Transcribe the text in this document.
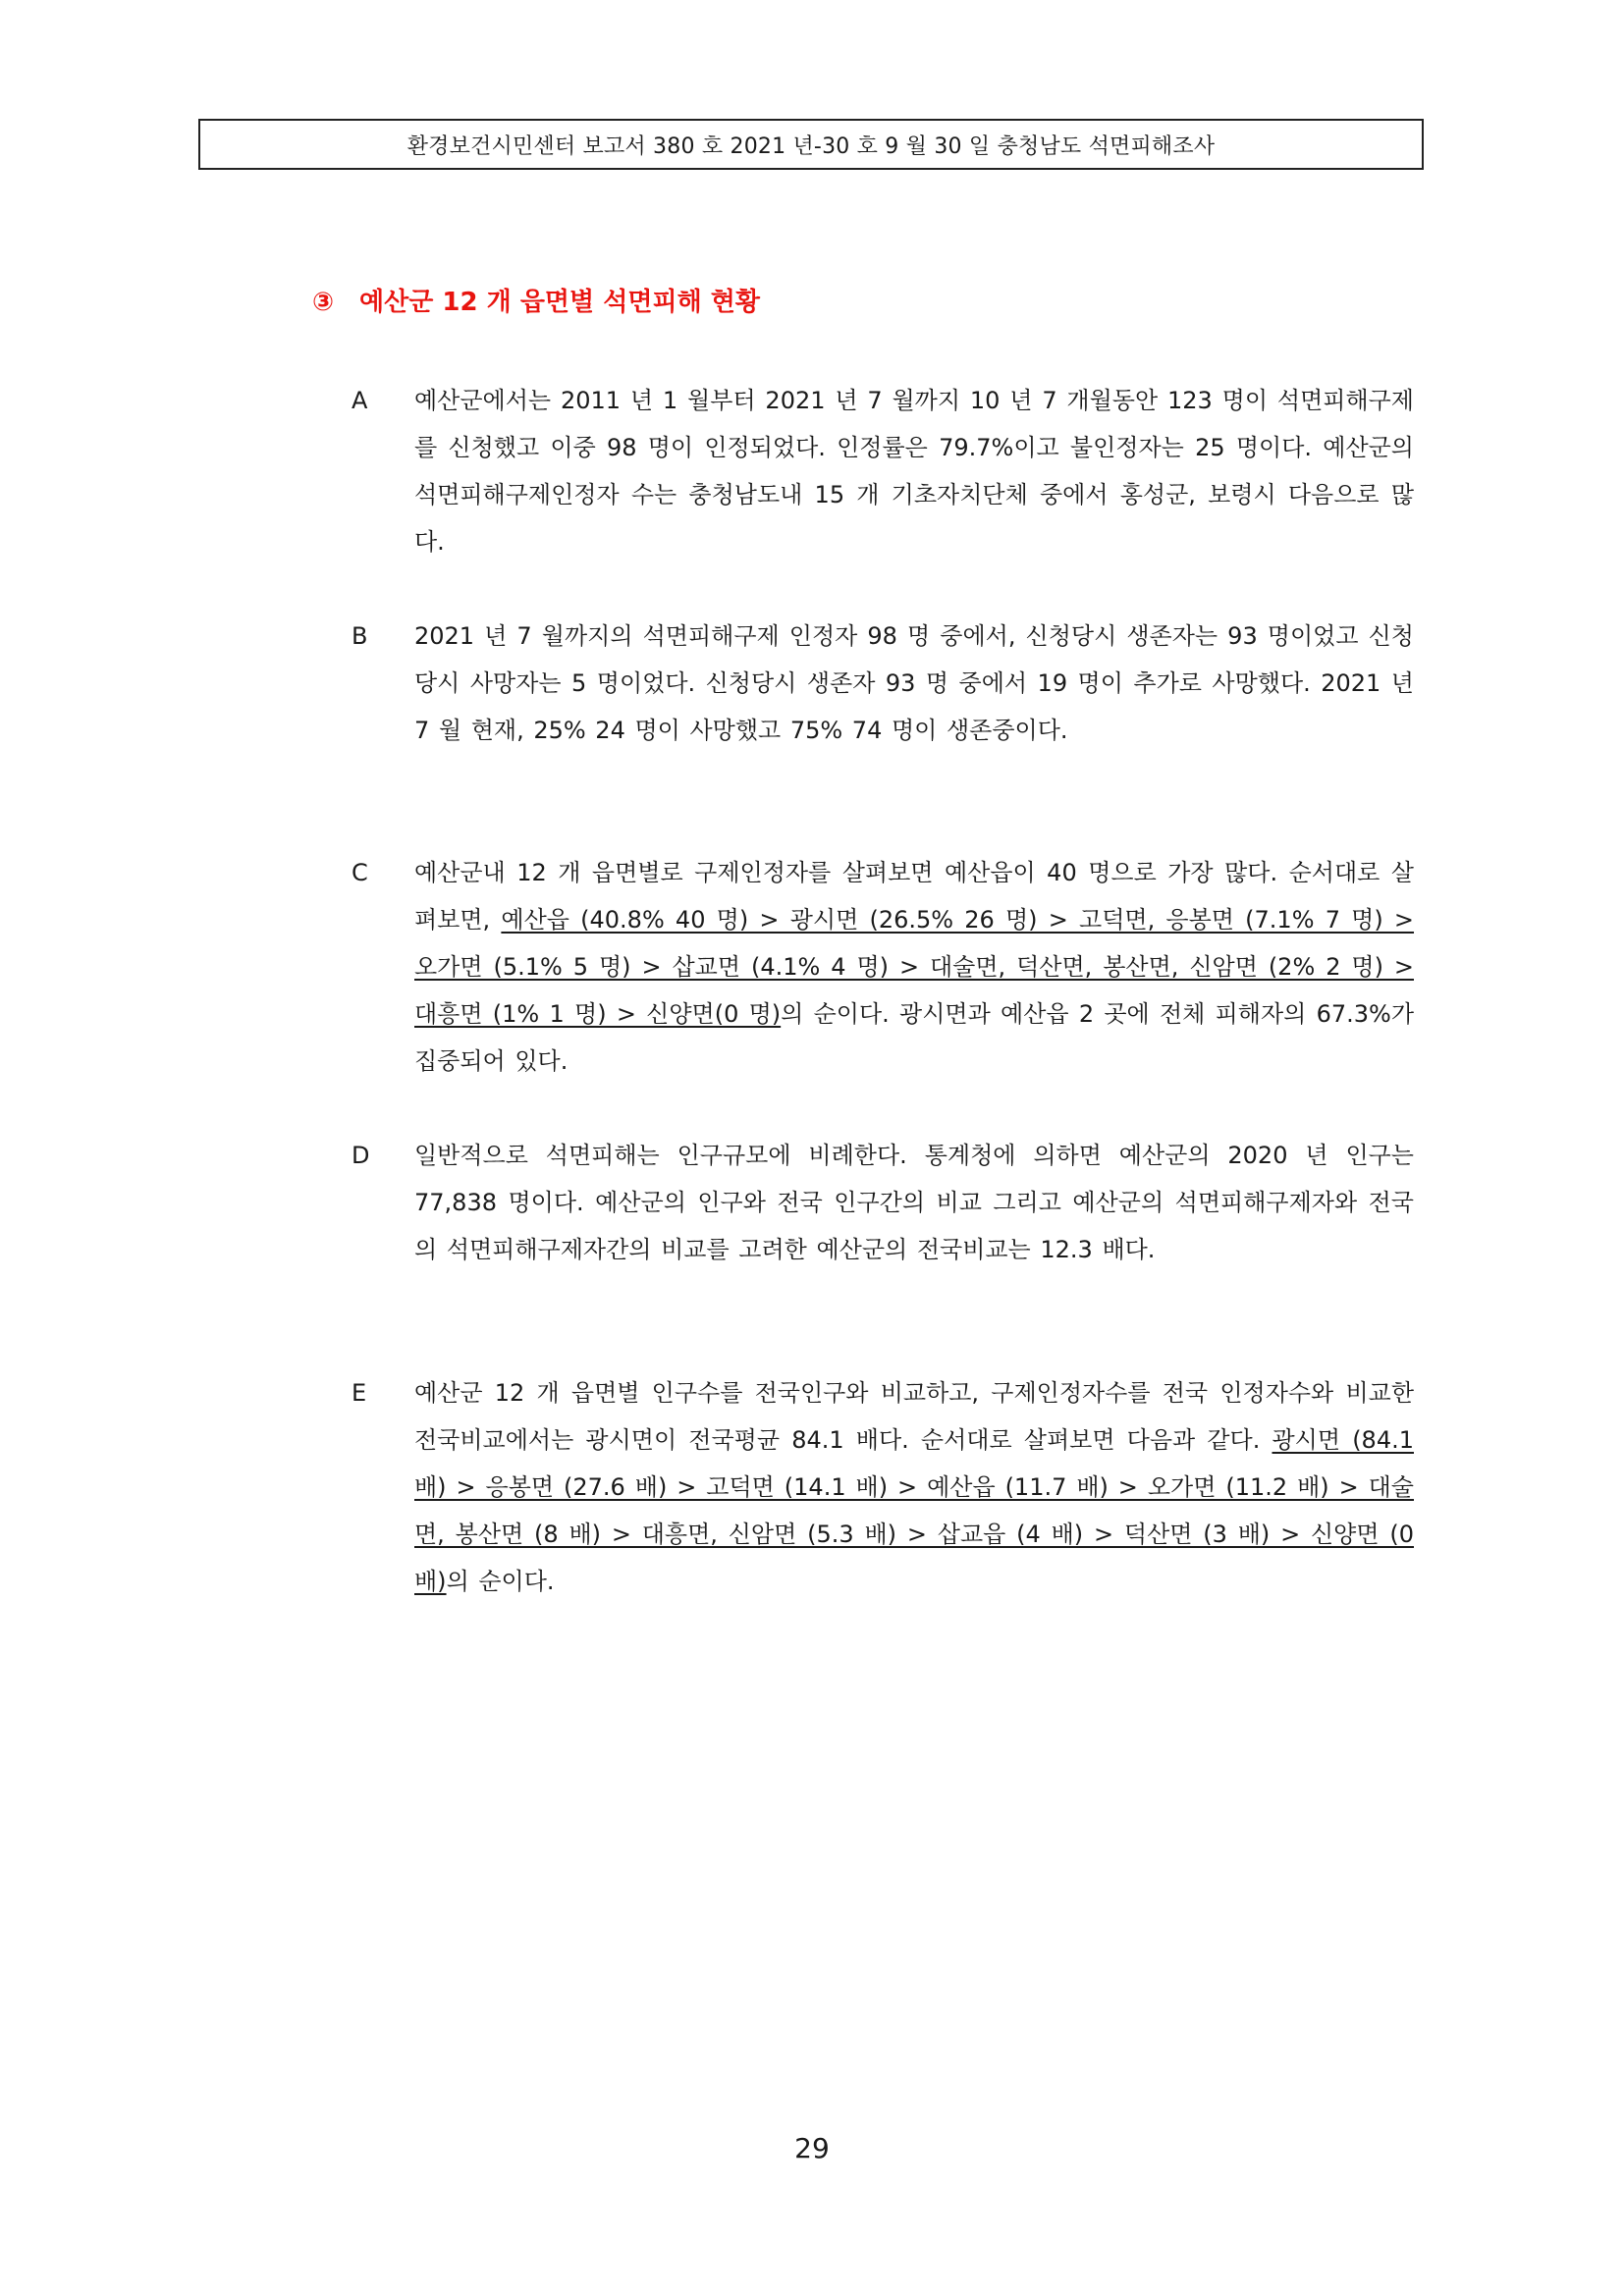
환경보건시민센터 보고서 380 호 2021 년-30 호 9 월 30 일 충청남도 석면피해조사
③ 예산군 12 개 읍면별 석면피해 현황
A 예산군에서는 2011 년 1 월부터 2021 년 7 월까지 10 년 7 개월동안 123 명이 석면피해구제를 신청했고 이중 98 명이 인정되었다. 인정률은 79.7%이고 불인정자는 25 명이다. 예산군의 석면피해구제인정자 수는 충청남도내 15 개 기초자치단체 중에서 홍성군, 보령시 다음으로 많다.
B 2021 년 7 월까지의 석면피해구제 인정자 98 명 중에서, 신청당시 생존자는 93 명이었고 신청당시 사망자는 5 명이었다. 신청당시 생존자 93 명 중에서 19 명이 추가로 사망했다. 2021 년 7 월 현재, 25% 24 명이 사망했고 75% 74 명이 생존중이다.
C 예산군내 12 개 읍면별로 구제인정자를 살펴보면 예산읍이 40 명으로 가장 많다. 순서대로 살펴보면, 예산읍 (40.8% 40 명) > 광시면 (26.5% 26 명) > 고덕면, 응봉면 (7.1% 7 명) > 오가면 (5.1% 5 명) > 삽교면 (4.1% 4 명) > 대술면, 덕산면, 봉산면, 신암면 (2% 2 명) > 대흥면 (1% 1 명) > 신양면(0 명)의 순이다. 광시면과 예산읍 2 곳에 전체 피해자의 67.3%가 집중되어 있다.
D 일반적으로 석면피해는 인구규모에 비례한다. 통계청에 의하면 예산군의 2020 년 인구는 77,838 명이다. 예산군의 인구와 전국 인구간의 비교 그리고 예산군의 석면피해구제자와 전국의 석면피해구제자간의 비교를 고려한 예산군의 전국비교는 12.3 배다.
E 예산군 12 개 읍면별 인구수를 전국인구와 비교하고, 구제인정자수를 전국 인정자수와 비교한 전국비교에서는 광시면이 전국평균 84.1 배다. 순서대로 살펴보면 다음과 같다. 광시면 (84.1 배) > 응봉면 (27.6 배) > 고덕면 (14.1 배) > 예산읍 (11.7 배) > 오가면 (11.2 배) > 대술면, 봉산면 (8 배) > 대흥면, 신암면 (5.3 배) > 삽교읍 (4 배) > 덕산면 (3 배) > 신양면 (0 배)의 순이다.
29
